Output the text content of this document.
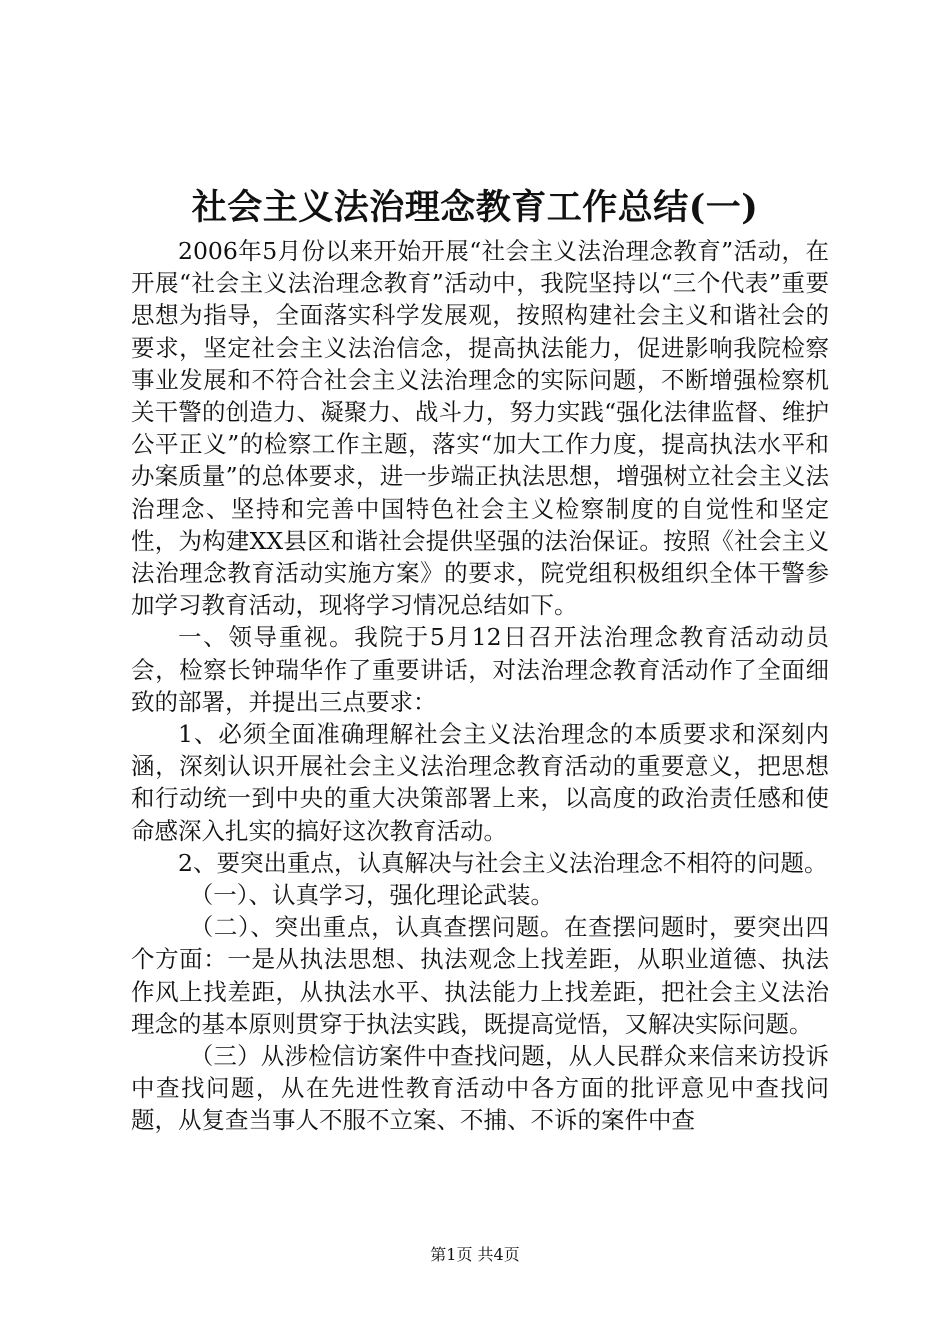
社会主义法治理念教育工作总结(一)

2006年5月份以来开始开展“社会主义法治理念教育”活动，在开展“社会主义法治理念教育”活动中，我院坚持以“三个代表”重要思想为指导，全面落实科学发展观，按照构建社会主义和谐社会的要求，坚定社会主义法治信念，提高执法能力，促进影响我院检察事业发展和不符合社会主义法治理念的实际问题，不断增强检察机关干警的创造力、凝聚力、战斗力，努力实践“强化法律监督、维护公平正义”的检察工作主题，落实“加大工作力度，提高执法水平和办案质量”的总体要求，进一步端正执法思想，增强树立社会主义法治理念、坚持和完善中国特色社会主义检察制度的自觉性和坚定性，为构建XX县区和谐社会提供坚强的法治保证。按照《社会主义法治理念教育活动实施方案》的要求，院党组积极组织全体干警参加学习教育活动，现将学习情况总结如下。

一、领导重视。我院于5月12日召开法治理念教育活动动员会，检察长钟瑞华作了重要讲话，对法治理念教育活动作了全面细致的部署，并提出三点要求：

1、必须全面准确理解社会主义法治理念的本质要求和深刻内涵，深刻认识开展社会主义法治理念教育活动的重要意义，把思想和行动统一到中央的重大决策部署上来，以高度的政治责任感和使命感深入扎实的搞好这次教育活动。

2、要突出重点，认真解决与社会主义法治理念不相符的问题。

（一）、认真学习，强化理论武装。

（二）、突出重点，认真查摆问题。在查摆问题时，要突出四个方面：一是从执法思想、执法观念上找差距，从职业道德、执法作风上找差距，从执法水平、执法能力上找差距，把社会主义法治理念的基本原则贯穿于执法实践，既提高觉悟，又解决实际问题。

（三）从涉检信访案件中查找问题，从人民群众来信来访投诉中查找问题，从在先进性教育活动中各方面的批评意见中查找问题，从复查当事人不服不立案、不捕、不诉的案件中查

第1页 共4页
